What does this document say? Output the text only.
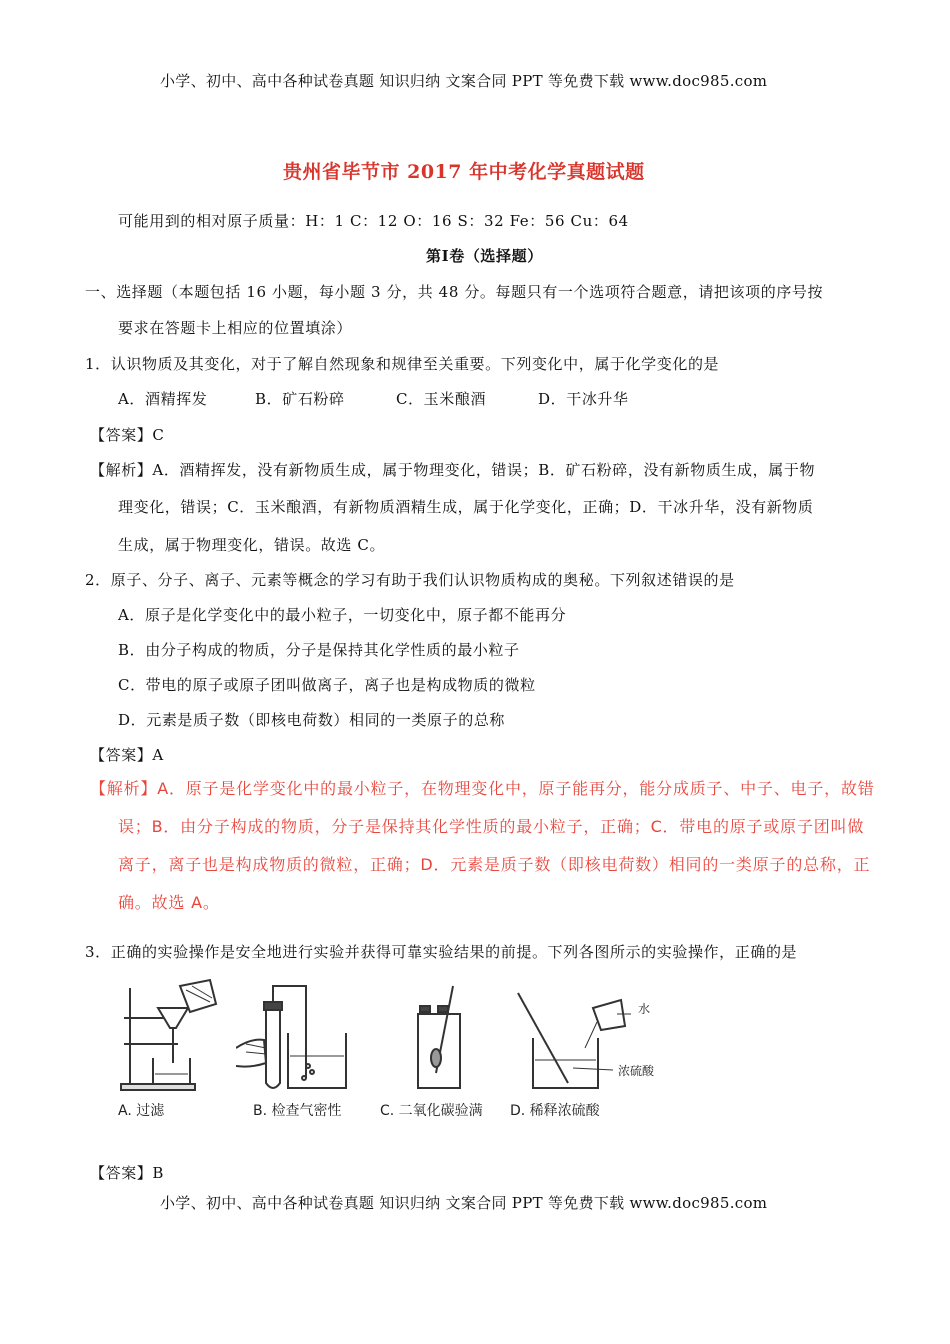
小学、初中、高中各种试卷真题 知识归纳 文案合同 PPT 等免费下载 www.doc985.com
贵州省毕节市 2017 年中考化学真题试题
可能用到的相对原子质量：H：1 C：12 O：16 S：32 Fe：56 Cu：64
第Ⅰ卷（选择题）
一、选择题（本题包括 16 小题，每小题 3 分，共 48 分。每题只有一个选项符合题意，请把该项的序号按
要求在答题卡上相应的位置填涂）
1．认识物质及其变化，对于了解自然现象和规律至关重要。下列变化中，属于化学变化的是
A．酒精挥发	B．矿石粉碎	C．玉米酿酒	D．干冰升华
【答案】C
【解析】A．酒精挥发，没有新物质生成，属于物理变化，错误；B．矿石粉碎，没有新物质生成，属于物
理变化，错误；C．玉米酿酒，有新物质酒精生成，属于化学变化，正确；D．干冰升华，没有新物质
生成，属于物理变化，错误。故选 C。
2．原子、分子、离子、元素等概念的学习有助于我们认识物质构成的奥秘。下列叙述错误的是
A．原子是化学变化中的最小粒子，一切变化中，原子都不能再分
B．由分子构成的物质，分子是保持其化学性质的最小粒子
C．带电的原子或原子团叫做离子，离子也是构成物质的微粒
D．元素是质子数（即核电荷数）相同的一类原子的总称
【答案】A
【解析】A．原子是化学变化中的最小粒子，在物理变化中，原子能再分，能分成质子、中子、电子，故错
误；B．由分子构成的物质，分子是保持其化学性质的最小粒子，正确；C．带电的原子或原子团叫做
离子，离子也是构成物质的微粒，正确；D．元素是质子数（即核电荷数）相同的一类原子的总称，正
确。故选 A。
3．正确的实验操作是安全地进行实验并获得可靠实验结果的前提。下列各图所示的实验操作，正确的是
A. 过滤	B. 检查气密性	C. 二氧化碳验满
水
浓硫酸
D. 稀释浓硫酸
【答案】B
小学、初中、高中各种试卷真题 知识归纳 文案合同 PPT 等免费下载 www.doc985.com
